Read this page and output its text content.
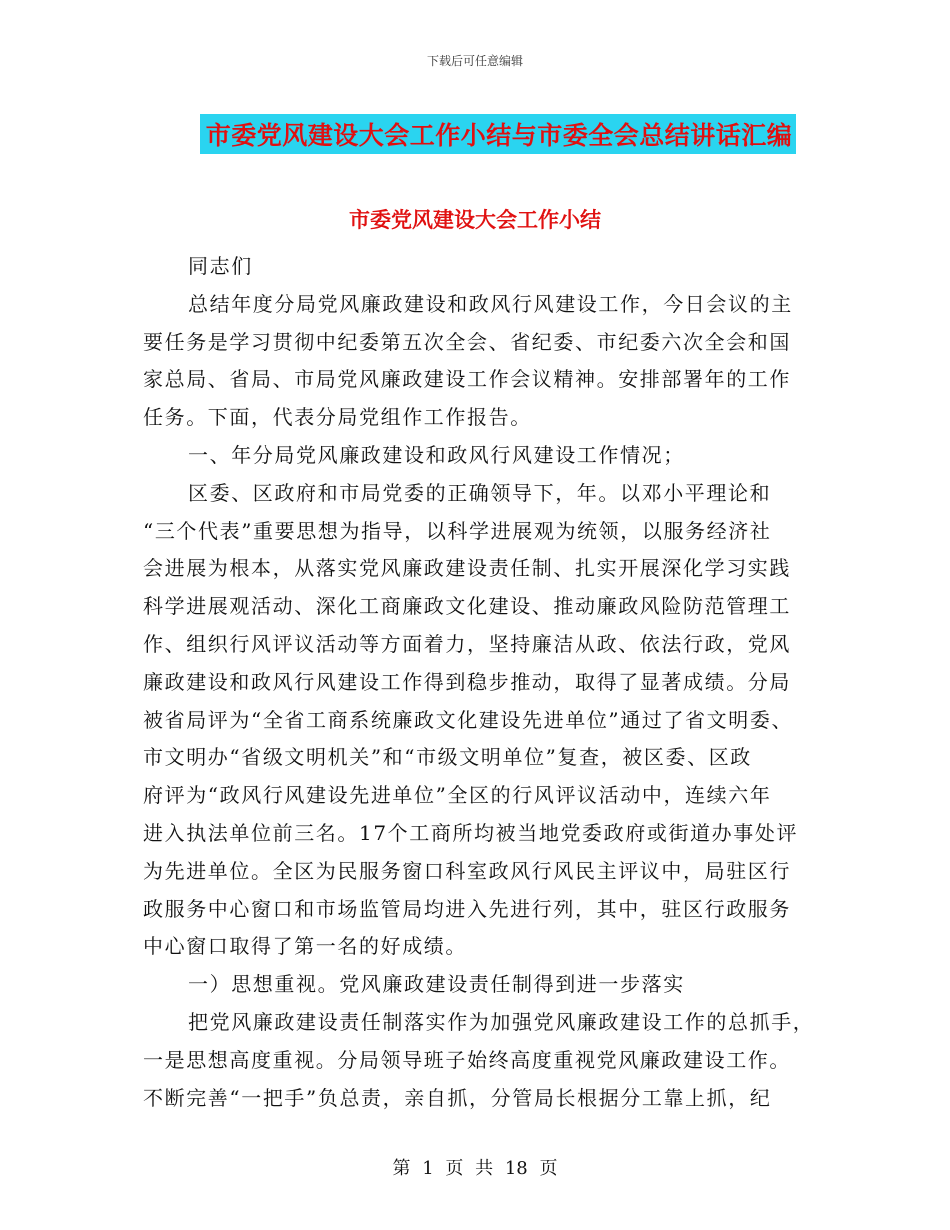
下载后可任意编辑
市委党风建设大会工作小结与市委全会总结讲话汇编
市委党风建设大会工作小结
同志们
总结年度分局党风廉政建设和政风行风建设工作，今日会议的主
要任务是学习贯彻中纪委第五次全会、省纪委、市纪委六次全会和国
家总局、省局、市局党风廉政建设工作会议精神。安排部署年的工作
任务。下面，代表分局党组作工作报告。
一、年分局党风廉政建设和政风行风建设工作情况；
区委、区政府和市局党委的正确领导下，年。以邓小平理论和
“三个代表”重要思想为指导，以科学进展观为统领，以服务经济社
会进展为根本，从落实党风廉政建设责任制、扎实开展深化学习实践
科学进展观活动、深化工商廉政文化建设、推动廉政风险防范管理工
作、组织行风评议活动等方面着力，坚持廉洁从政、依法行政，党风
廉政建设和政风行风建设工作得到稳步推动，取得了显著成绩。分局
被省局评为“全省工商系统廉政文化建设先进单位”通过了省文明委、
市文明办“省级文明机关”和“市级文明单位”复查，被区委、区政
府评为“政风行风建设先进单位”全区的行风评议活动中，连续六年
进入执法单位前三名。17个工商所均被当地党委政府或街道办事处评
为先进单位。全区为民服务窗口科室政风行风民主评议中，局驻区行
政服务中心窗口和市场监管局均进入先进行列，其中，驻区行政服务
中心窗口取得了第一名的好成绩。
一）思想重视。党风廉政建设责任制得到进一步落实
把党风廉政建设责任制落实作为加强党风廉政建设工作的总抓手，
一是思想高度重视。分局领导班子始终高度重视党风廉政建设工作。
不断完善“一把手”负总责，亲自抓，分管局长根据分工靠上抓，纪
第 1 页 共 18 页
